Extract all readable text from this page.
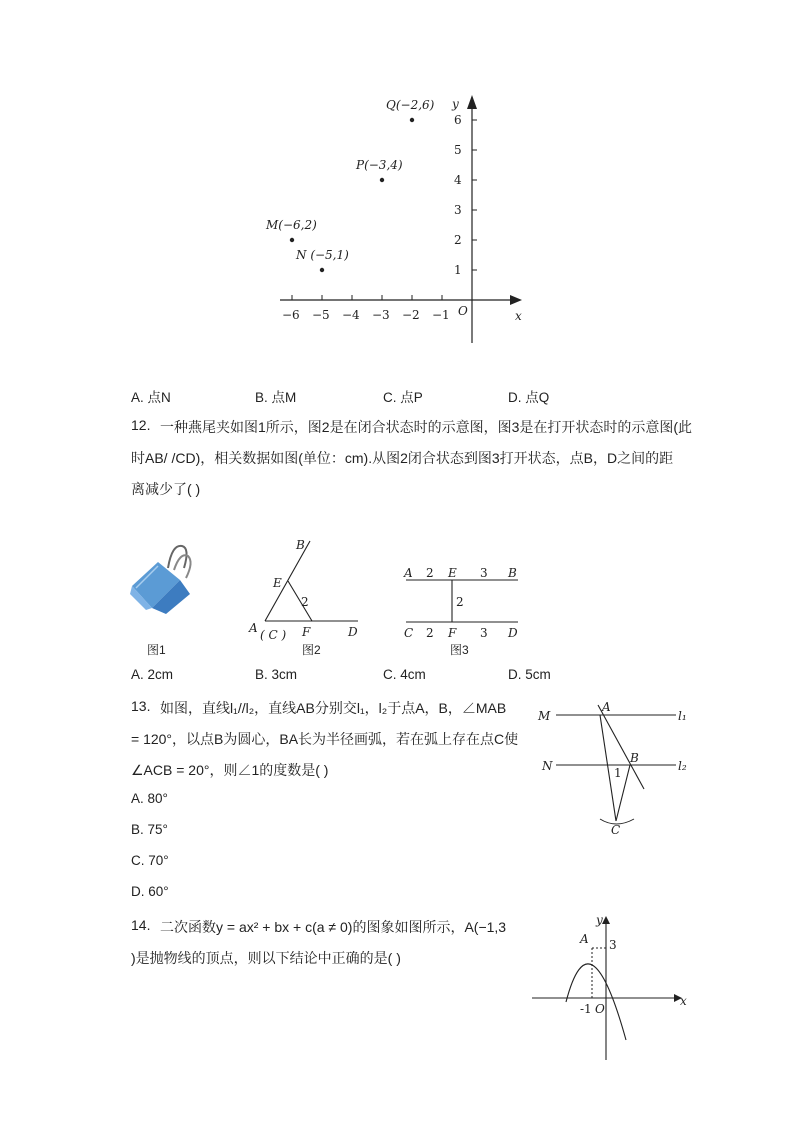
−6 −5 −4 −3 −2 −1
1
2
3
4
5
6
Q(−2,6)
P(−3,4)
M(−6,2)
N (−5,1)
O	x
y
A. 点N	B. 点M	C. 点P	D. 点Q
12. 一种燕尾夹如图1所示，图2是在闭合状态时的示意图，图3是在打开状态时的示意图(此
时AB/ /CD)，相关数据如图(单位：cm).从图2闭合状态到图3打开状态，点B，D之间的距
离减少了( )
图1
B
E
2
A ( C ) F	D
图2
A 2 E 3 B
2
C 2 F 3 D
图3
A. 2cm	B. 3cm	C. 4cm	D. 5cm
13. 如图，直线l₁//l₂，直线AB分别交l₁，l₂于点A，B，∠MAB
= 120°，以点B为圆心，BA长为半径画弧，若在弧上存在点C使
∠ACB = 20°，则∠1的度数是( )
A. 80°
B. 75°
C. 70°
D. 60°
M
A
l₁
N
B
l₂
1
C
14. 二次函数y = ax² + bx + c(a ≠ 0)的图象如图所示，A(−1,3
)是抛物线的顶点，则以下结论中正确的是( )
y
A 3
-1 O
x
